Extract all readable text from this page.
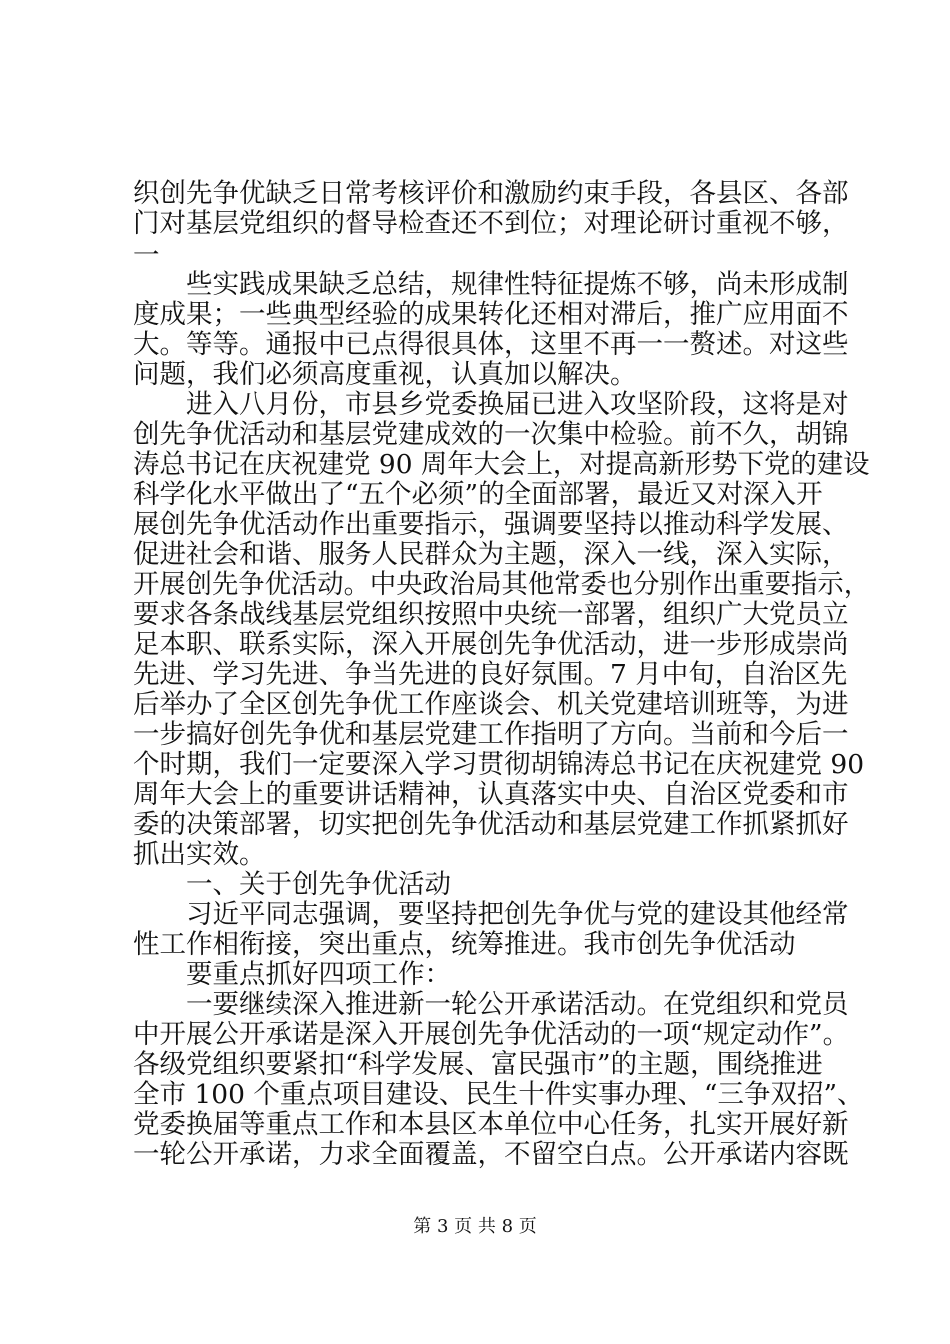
织创先争优缺乏日常考核评价和激励约束手段，各县区、各部
门对基层党组织的督导检查还不到位；对理论研讨重视不够，
一
　　些实践成果缺乏总结，规律性特征提炼不够，尚未形成制
度成果；一些典型经验的成果转化还相对滞后，推广应用面不
大。等等。通报中已点得很具体，这里不再一一赘述。对这些
问题，我们必须高度重视，认真加以解决。
　　进入八月份，市县乡党委换届已进入攻坚阶段，这将是对
创先争优活动和基层党建成效的一次集中检验。前不久，胡锦
涛总书记在庆祝建党 90 周年大会上，对提高新形势下党的建设
科学化水平做出了“五个必须”的全面部署，最近又对深入开
展创先争优活动作出重要指示，强调要坚持以推动科学发展、
促进社会和谐、服务人民群众为主题，深入一线，深入实际，
开展创先争优活动。中央政治局其他常委也分别作出重要指示，
要求各条战线基层党组织按照中央统一部署，组织广大党员立
足本职、联系实际，深入开展创先争优活动，进一步形成崇尚
先进、学习先进、争当先进的良好氛围。7 月中旬，自治区先
后举办了全区创先争优工作座谈会、机关党建培训班等，为进
一步搞好创先争优和基层党建工作指明了方向。当前和今后一
个时期，我们一定要深入学习贯彻胡锦涛总书记在庆祝建党 90
周年大会上的重要讲话精神，认真落实中央、自治区党委和市
委的决策部署，切实把创先争优活动和基层党建工作抓紧抓好
抓出实效。
　　一、关于创先争优活动
　　习近平同志强调，要坚持把创先争优与党的建设其他经常
性工作相衔接，突出重点，统筹推进。我市创先争优活动
　　要重点抓好四项工作：
　　一要继续深入推进新一轮公开承诺活动。在党组织和党员
中开展公开承诺是深入开展创先争优活动的一项“规定动作”。
各级党组织要紧扣“科学发展、富民强市”的主题，围绕推进
全市 100 个重点项目建设、民生十件实事办理、“三争双招”、
党委换届等重点工作和本县区本单位中心任务，扎实开展好新
一轮公开承诺，力求全面覆盖，不留空白点。公开承诺内容既
第 3 页 共 8 页
